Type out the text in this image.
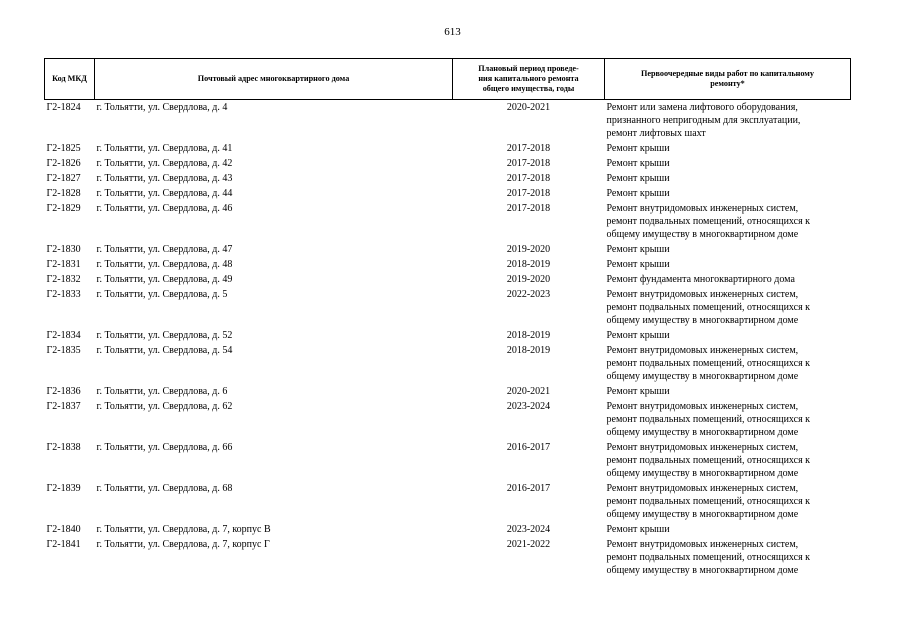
613
Код МКД	Почтовый адрес многоквартирного дома	Плановый период проведе-
ния капитального ремонта
общего имущества, годы	Первоочередные виды работ по капитальному
ремонту*
Г2-1824	г. Тольятти, ул. Свердлова, д. 4	2020-2021	Ремонт или замена лифтового оборудования,
признанного непригодным для эксплуатации,
ремонт лифтовых шахт

Г2-1825	г. Тольятти, ул. Свердлова, д. 41	2017-2018	Ремонт крыши

Г2-1826	г. Тольятти, ул. Свердлова, д. 42	2017-2018	Ремонт крыши

Г2-1827	г. Тольятти, ул. Свердлова, д. 43	2017-2018	Ремонт крыши

Г2-1828	г. Тольятти, ул. Свердлова, д. 44	2017-2018	Ремонт крыши

Г2-1829	г. Тольятти, ул. Свердлова, д. 46	2017-2018	Ремонт внутридомовых инженерных систем,
ремонт подвальных помещений, относящихся к
общему имуществу в многоквартирном доме

Г2-1830	г. Тольятти, ул. Свердлова, д. 47	2019-2020	Ремонт крыши

Г2-1831	г. Тольятти, ул. Свердлова, д. 48	2018-2019	Ремонт крыши

Г2-1832	г. Тольятти, ул. Свердлова, д. 49	2019-2020	Ремонт фундамента многоквартирного дома

Г2-1833	г. Тольятти, ул. Свердлова, д. 5	2022-2023	Ремонт внутридомовых инженерных систем,
ремонт подвальных помещений, относящихся к
общему имуществу в многоквартирном доме

Г2-1834	г. Тольятти, ул. Свердлова, д. 52	2018-2019	Ремонт крыши

Г2-1835	г. Тольятти, ул. Свердлова, д. 54	2018-2019	Ремонт внутридомовых инженерных систем,
ремонт подвальных помещений, относящихся к
общему имуществу в многоквартирном доме

Г2-1836	г. Тольятти, ул. Свердлова, д. 6	2020-2021	Ремонт крыши

Г2-1837	г. Тольятти, ул. Свердлова, д. 62	2023-2024	Ремонт внутридомовых инженерных систем,
ремонт подвальных помещений, относящихся к
общему имуществу в многоквартирном доме

Г2-1838	г. Тольятти, ул. Свердлова, д. 66	2016-2017	Ремонт внутридомовых инженерных систем,
ремонт подвальных помещений, относящихся к
общему имуществу в многоквартирном доме

Г2-1839	г. Тольятти, ул. Свердлова, д. 68	2016-2017	Ремонт внутридомовых инженерных систем,
ремонт подвальных помещений, относящихся к
общему имуществу в многоквартирном доме

Г2-1840	г. Тольятти, ул. Свердлова, д. 7, корпус В	2023-2024	Ремонт крыши

Г2-1841	г. Тольятти, ул. Свердлова, д. 7, корпус Г	2021-2022	Ремонт внутридомовых инженерных систем,
ремонт подвальных помещений, относящихся к
общему имуществу в многоквартирном доме
